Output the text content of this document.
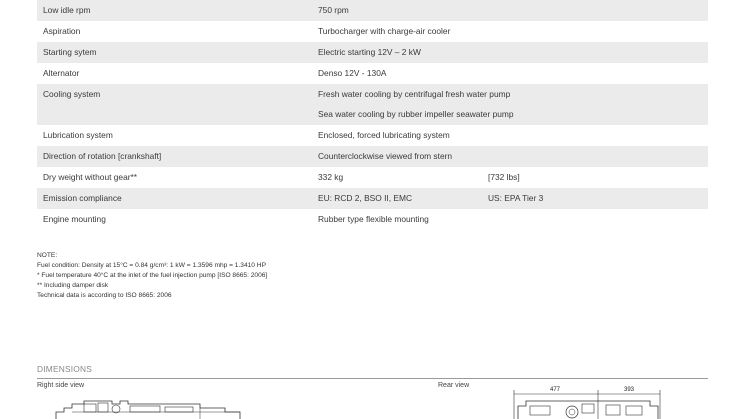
Low idle rpm	750 rpm
Aspiration	Turbocharger with charge-air cooler
Starting sytem	Electric starting 12V – 2 kW
Alternator	Denso 12V - 130A
Cooling system	Fresh water cooling by centrifugal fresh water pump
Sea water cooling by rubber impeller seawater pump
Lubrication system	Enclosed, forced lubricating system
Direction of rotation [crankshaft]	Counterclockwise viewed from stern
Dry weight without gear**	332 kg	[732 lbs]
Emission compliance	EU: RCD 2, BSO II, EMC	US: EPA Tier 3
Engine mounting	Rubber type flexible mounting
NOTE:
Fuel condition: Density at 15°C = 0.84 g/cm³: 1 kW = 1.3596 mhp = 1.3410 HP
* Fuel temperature 40°C at the inlet of the fuel injection pump [ISO 8665: 2006]
** Including damper disk
Technical data is according to ISO 8665: 2006
DIMENSIONS
Right side view	Rear view
477	393
